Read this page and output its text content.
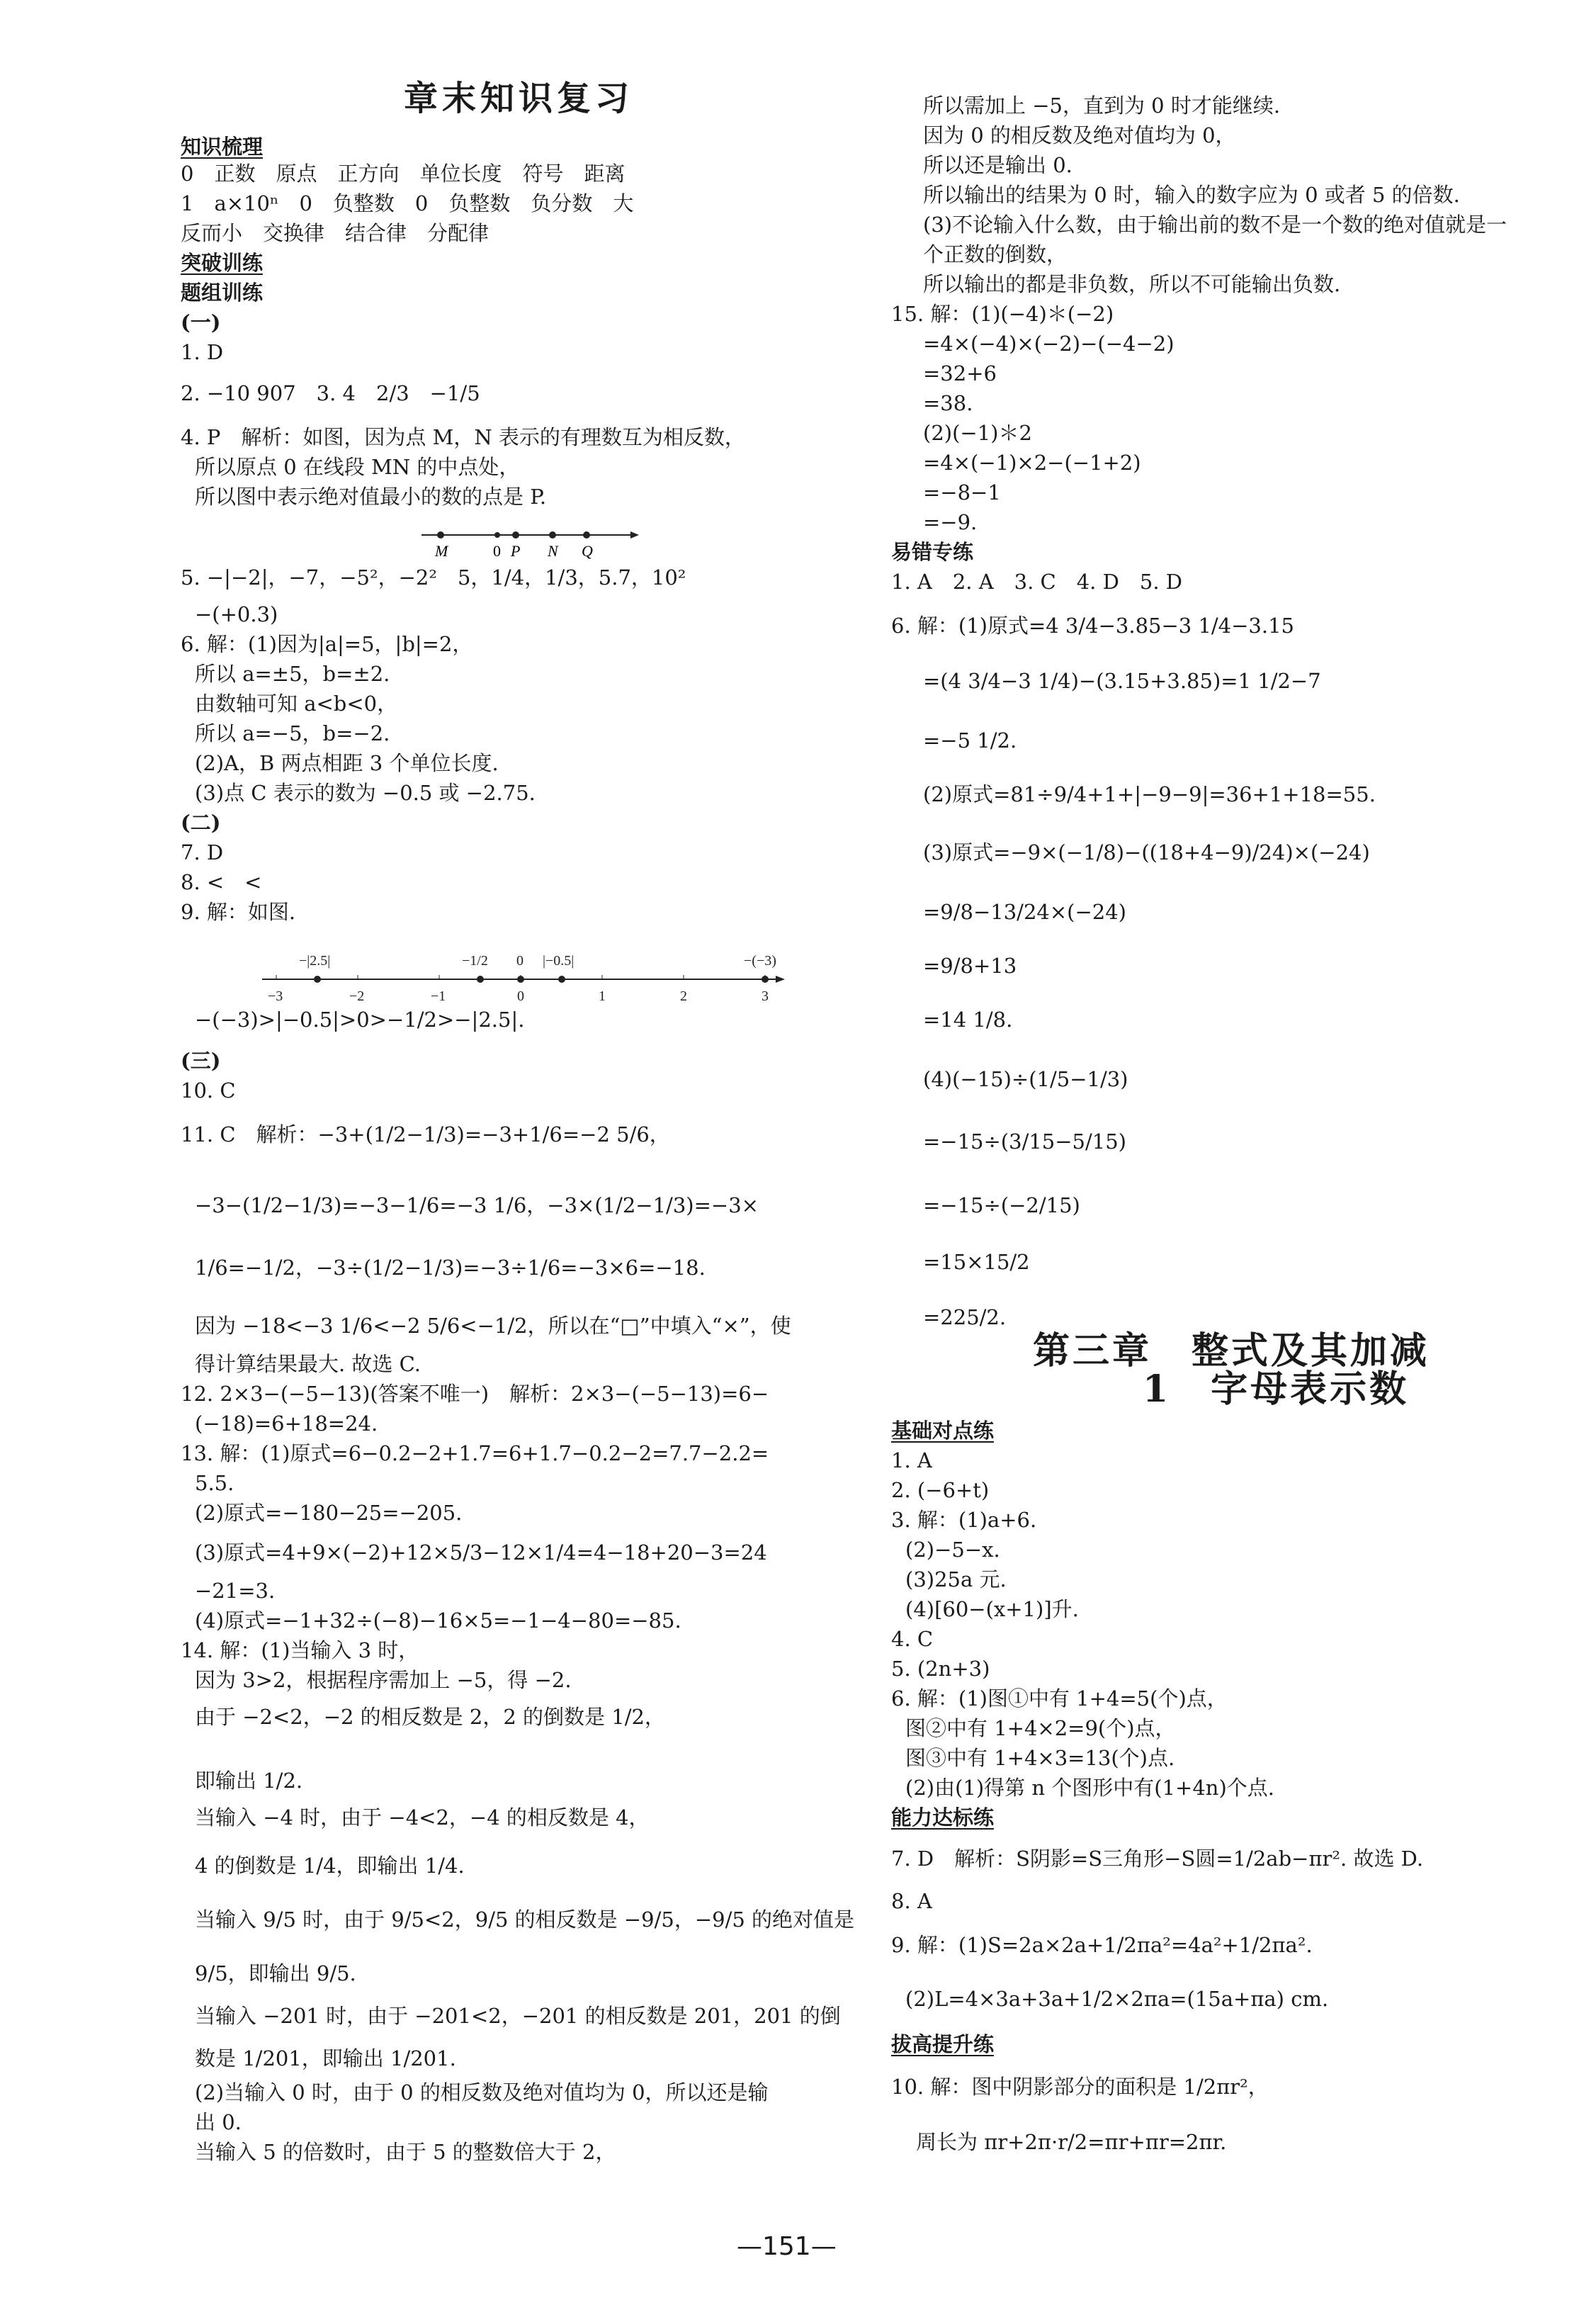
章末知识复习
知识梳理
0　正数　原点　正方向　单位长度　符号　距离
1　a×10ⁿ　0　负整数　0　负整数　负分数　大
反而小　交换律　结合律　分配律
突破训练
题组训练
(一)
1. D
2. −10 907　3. 4　2/3　−1/5
4. P　解析：如图，因为点 M，N 表示的有理数互为相反数，
所以原点 0 在线段 MN 的中点处，
所以图中表示绝对值最小的数的点是 P.
5. −|−2|，−7，−5²，−2²　5，1/4，1/3，5.7，10²
−(+0.3)
6. 解：(1)因为|a|=5，|b|=2，
所以 a=±5，b=±2.
由数轴可知 a<b<0，
所以 a=−5，b=−2.
(2)A，B 两点相距 3 个单位长度.
(3)点 C 表示的数为 −0.5 或 −2.75.
(二)
7. D
8. <　<
9. 解：如图.
−(−3)>|−0.5|>0>−1/2>−|2.5|.
(三)
10. C
11. C　解析：−3+(1/2−1/3)=−3+1/6=−2 5/6，
−3−(1/2−1/3)=−3−1/6=−3 1/6，−3×(1/2−1/3)=−3×
1/6=−1/2，−3÷(1/2−1/3)=−3÷1/6=−3×6=−18.
因为 −18<−3 1/6<−2 5/6<−1/2，所以在“□”中填入“×”，使
得计算结果最大. 故选 C.
12. 2×3−(−5−13)(答案不唯一)　解析：2×3−(−5−13)=6−
(−18)=6+18=24.
13. 解：(1)原式=6−0.2−2+1.7=6+1.7−0.2−2=7.7−2.2=
5.5.
(2)原式=−180−25=−205.
(3)原式=4+9×(−2)+12×5/3−12×1/4=4−18+20−3=24
−21=3.
(4)原式=−1+32÷(−8)−16×5=−1−4−80=−85.
14. 解：(1)当输入 3 时，
因为 3>2，根据程序需加上 −5，得 −2.
由于 −2<2，−2 的相反数是 2，2 的倒数是 1/2，
即输出 1/2.
当输入 −4 时，由于 −4<2，−4 的相反数是 4，
4 的倒数是 1/4，即输出 1/4.
当输入 9/5 时，由于 9/5<2，9/5 的相反数是 −9/5，−9/5 的绝对值是
9/5，即输出 9/5.
当输入 −201 时，由于 −201<2，−201 的相反数是 201，201 的倒
数是 1/201，即输出 1/201.
(2)当输入 0 时，由于 0 的相反数及绝对值均为 0，所以还是输
出 0.
当输入 5 的倍数时，由于 5 的整数倍大于 2，
所以需加上 −5，直到为 0 时才能继续.
因为 0 的相反数及绝对值均为 0，
所以还是输出 0.
所以输出的结果为 0 时，输入的数字应为 0 或者 5 的倍数.
(3)不论输入什么数，由于输出前的数不是一个数的绝对值就是一
个正数的倒数，
所以输出的都是非负数，所以不可能输出负数.
15. 解：(1)(−4)＊(−2)
=4×(−4)×(−2)−(−4−2)
=32+6
=38.
(2)(−1)＊2
=4×(−1)×2−(−1+2)
=−8−1
=−9.
易错专练
1. A　2. A　3. C　4. D　5. D
6. 解：(1)原式=4 3/4−3.85−3 1/4−3.15
=(4 3/4−3 1/4)−(3.15+3.85)=1 1/2−7
=−5 1/2.
(2)原式=81÷9/4+1+|−9−9|=36+1+18=55.
(3)原式=−9×(−1/8)−((18+4−9)/24)×(−24)
=9/8−13/24×(−24)
=9/8+13
=14 1/8.
(4)(−15)÷(1/5−1/3)
=−15÷(3/15−5/15)
=−15÷(−2/15)
=15×15/2
=225/2.
第三章　整式及其加减
1　字母表示数
基础对点练
1. A
2. (−6+t)
3. 解：(1)a+6.
(2)−5−x.
(3)25a 元.
(4)[60−(x+1)]升.
4. C
5. (2n+3)
6. 解：(1)图①中有 1+4=5(个)点，
图②中有 1+4×2=9(个)点，
图③中有 1+4×3=13(个)点.
(2)由(1)得第 n 个图形中有(1+4n)个点.
能力达标练
7. D　解析：S阴影=S三角形−S圆=1/2ab−πr². 故选 D.
8. A
9. 解：(1)S=2a×2a+1/2πa²=4a²+1/2πa².
(2)L=4×3a+3a+1/2×2πa=(15a+πa) cm.
拔高提升练
10. 解：图中阴影部分的面积是 1/2πr²，
周长为 πr+2π·r/2=πr+πr=2πr.
M	0 P N Q
−3	−2	−1	0	1	2	3
−|2.5|	−1/2 0 |−0.5|	−(−3)
—151—
